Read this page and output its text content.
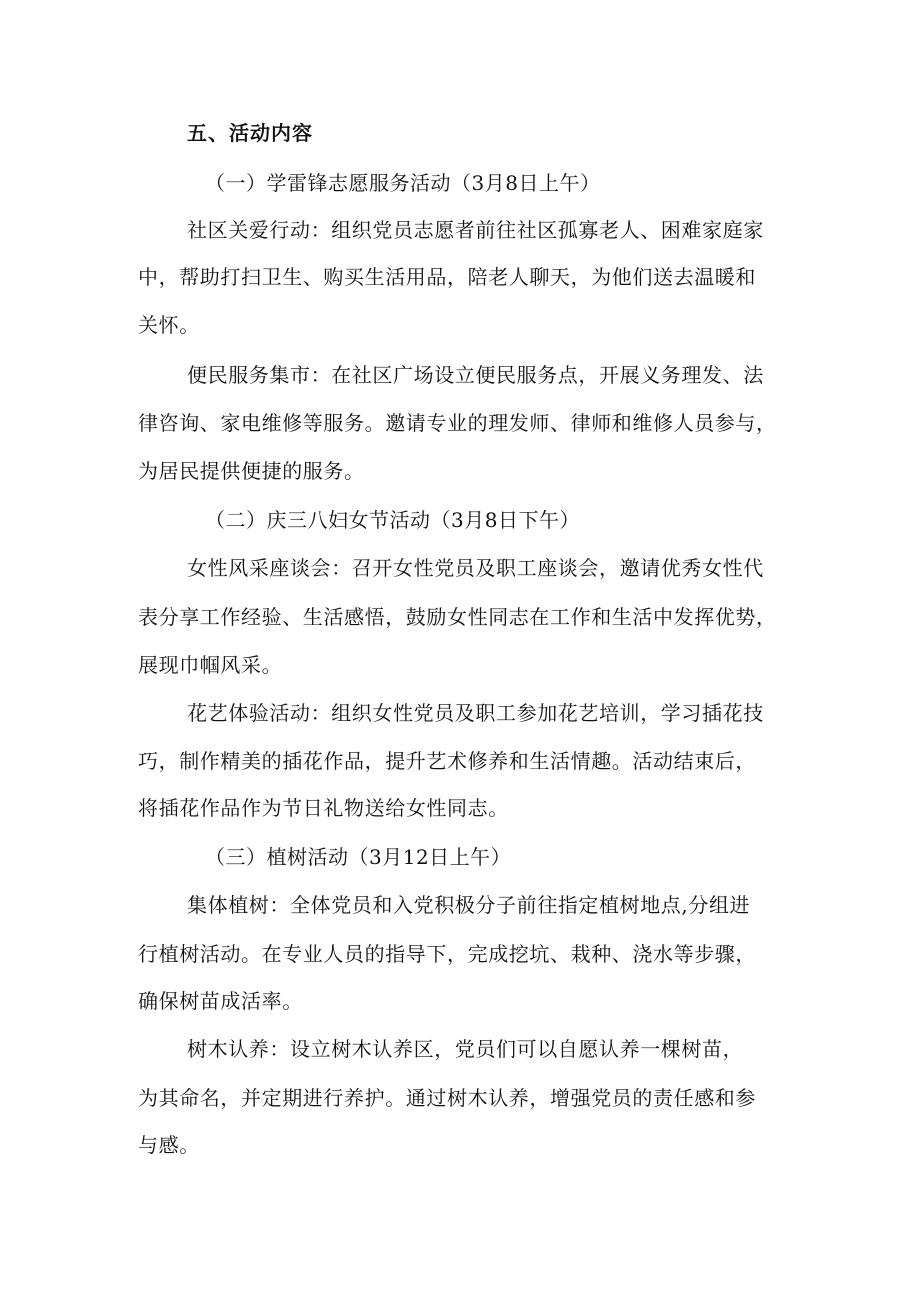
五、活动内容
（一）学雷锋志愿服务活动（3月8日上午）
社区关爱行动：组织党员志愿者前往社区孤寡老人、困难家庭家
中，帮助打扫卫生、购买生活用品，陪老人聊天，为他们送去温暖和
关怀。
便民服务集市：在社区广场设立便民服务点，开展义务理发、法
律咨询、家电维修等服务。邀请专业的理发师、律师和维修人员参与，
为居民提供便捷的服务。
（二）庆三八妇女节活动（3月8日下午）
女性风采座谈会：召开女性党员及职工座谈会，邀请优秀女性代
表分享工作经验、生活感悟，鼓励女性同志在工作和生活中发挥优势，
展现巾帼风采。
花艺体验活动：组织女性党员及职工参加花艺培训，学习插花技
巧，制作精美的插花作品，提升艺术修养和生活情趣。活动结束后，
将插花作品作为节日礼物送给女性同志。
（三）植树活动（3月12日上午）
集体植树：全体党员和入党积极分子前往指定植树地点,分组进
行植树活动。在专业人员的指导下，完成挖坑、栽种、浇水等步骤，
确保树苗成活率。
树木认养：设立树木认养区，党员们可以自愿认养一棵树苗，
为其命名，并定期进行养护。通过树木认养，增强党员的责任感和参
与感。
